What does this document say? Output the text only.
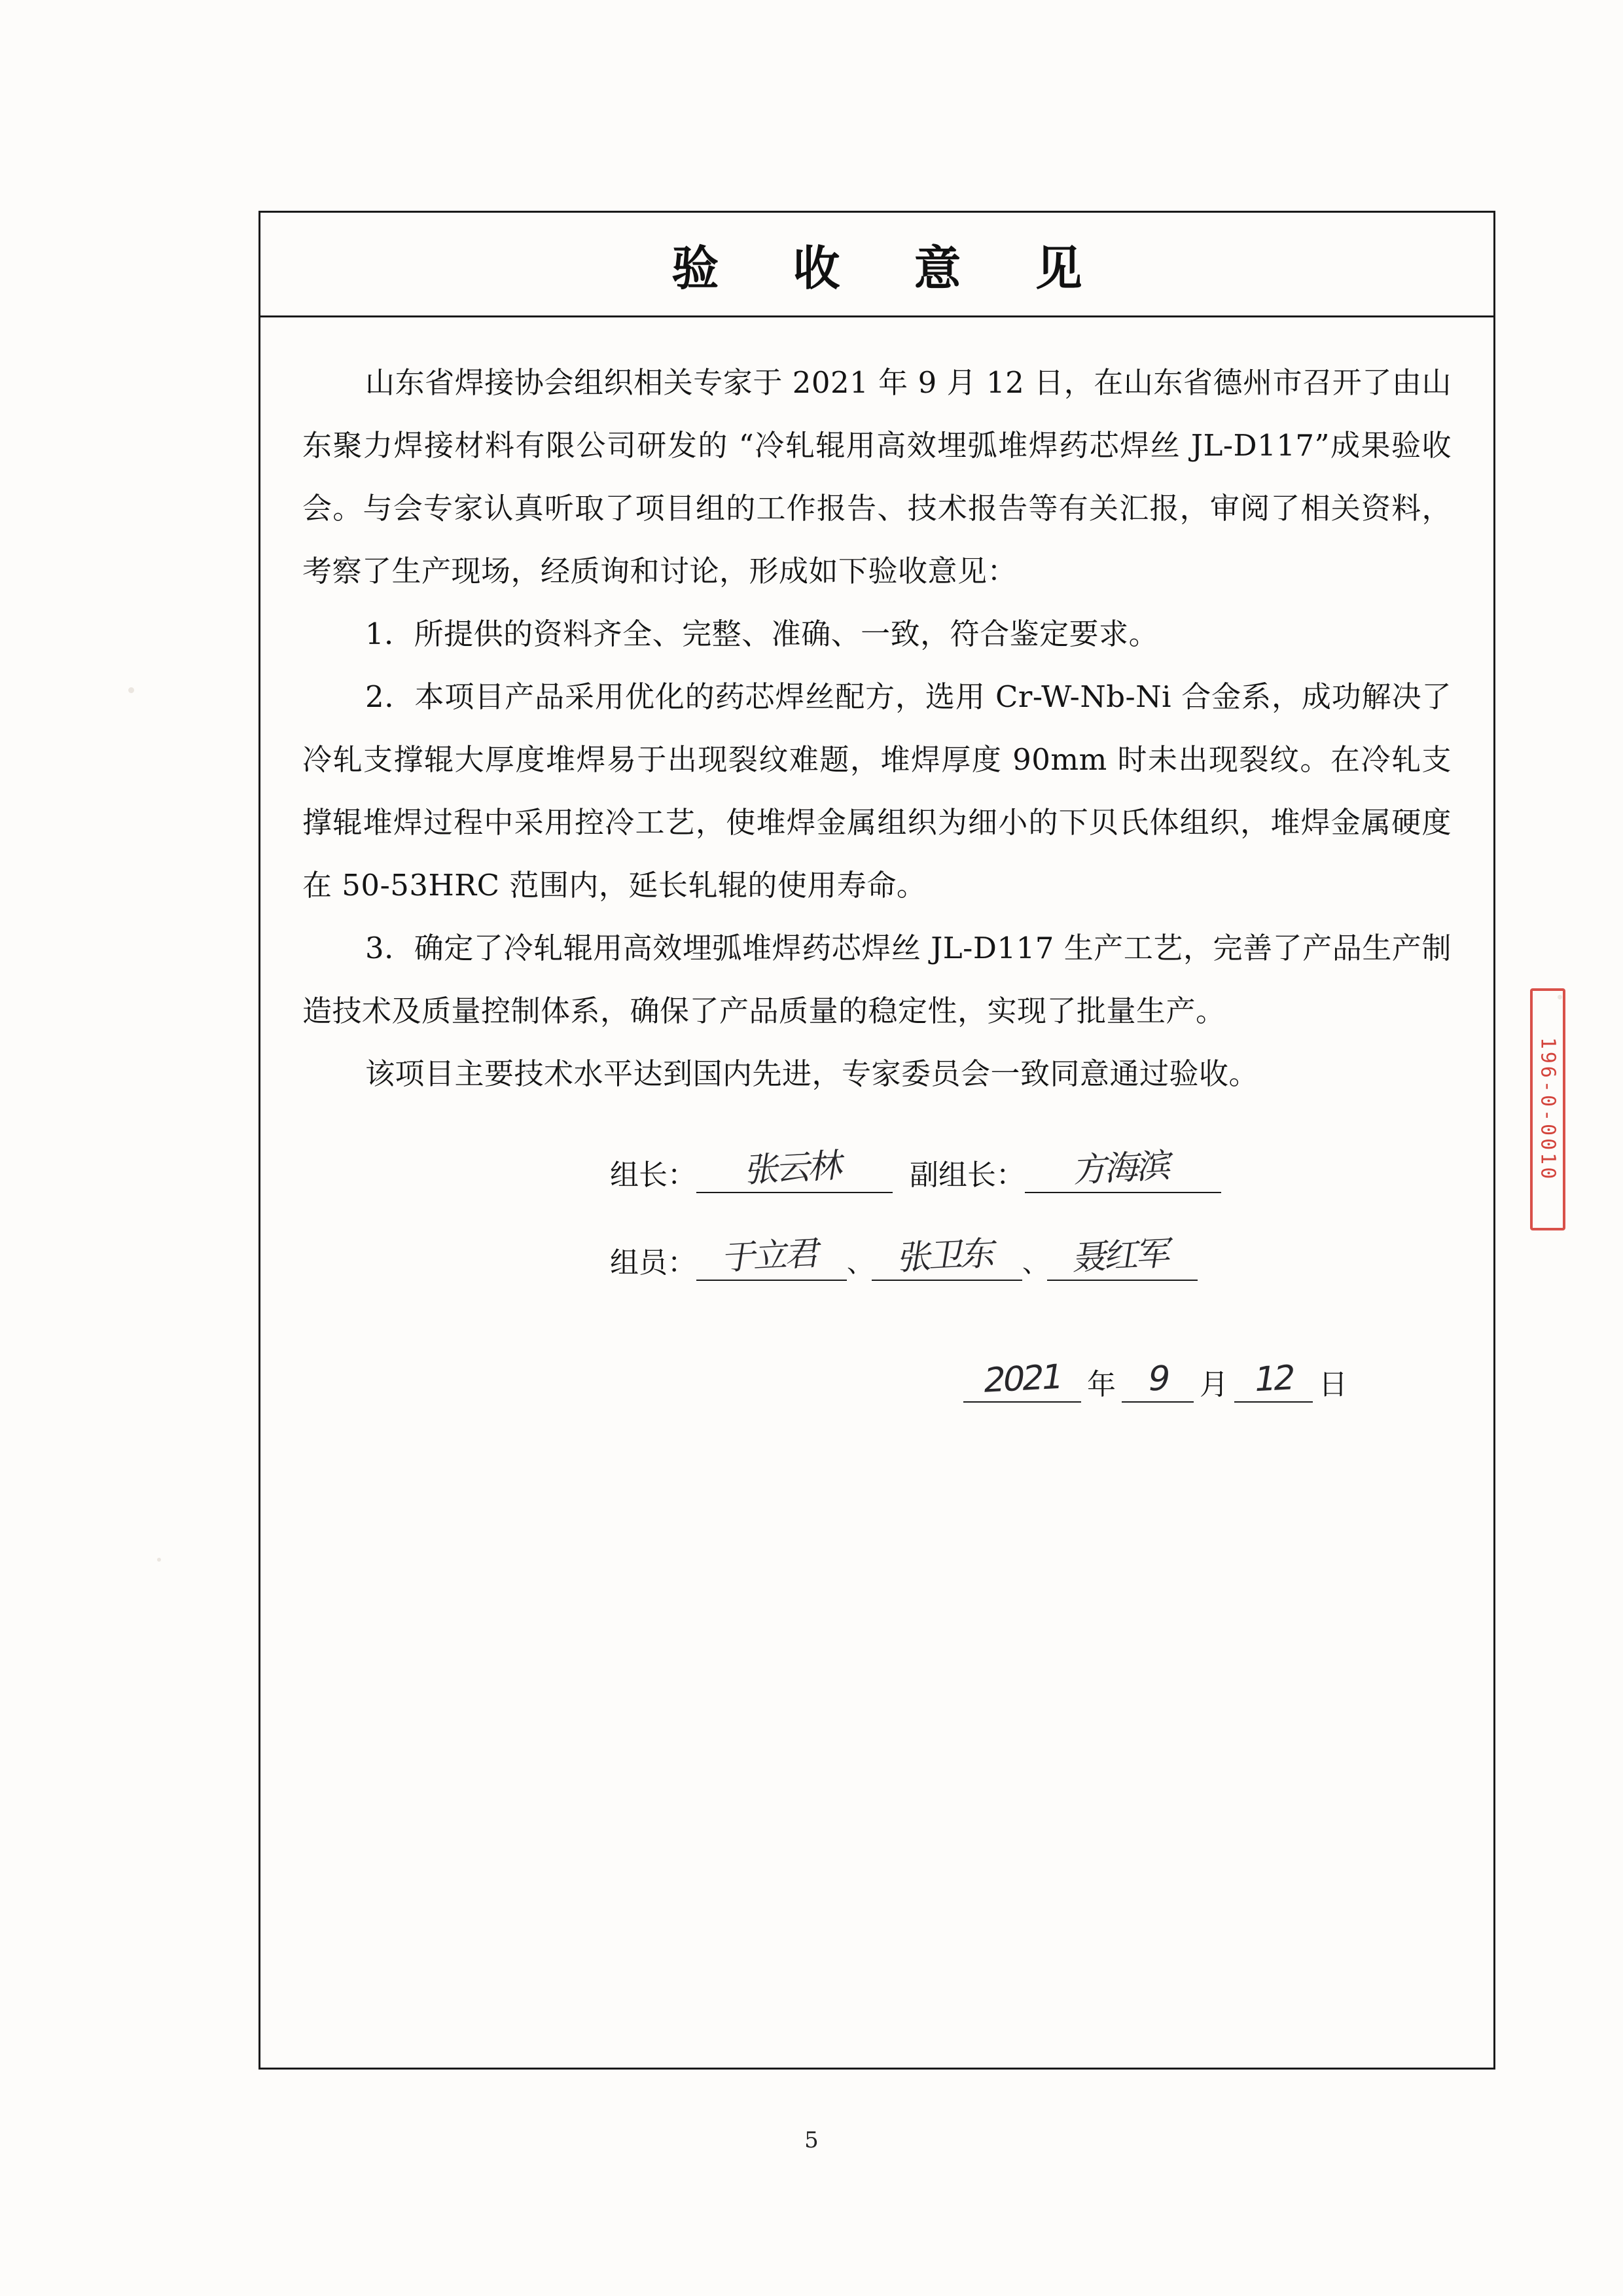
验 收 意 见

山东省焊接协会组织相关专家于 2021 年 9 月 12 日，在山东省德州市召开了由山东聚力焊接材料有限公司研发的 “冷轧辊用高效埋弧堆焊药芯焊丝 JL-D117”成果验收会。与会专家认真听取了项目组的工作报告、技术报告等有关汇报，审阅了相关资料，考察了生产现场，经质询和讨论，形成如下验收意见：

1．所提供的资料齐全、完整、准确、一致，符合鉴定要求。

2．本项目产品采用优化的药芯焊丝配方，选用 Cr-W-Nb-Ni 合金系，成功解决了冷轧支撑辊大厚度堆焊易于出现裂纹难题，堆焊厚度 90mm 时未出现裂纹。在冷轧支撑辊堆焊过程中采用控冷工艺，使堆焊金属组织为细小的下贝氏体组织，堆焊金属硬度在 50-53HRC 范围内，延长轧辊的使用寿命。

3．确定了冷轧辊用高效埋弧堆焊药芯焊丝 JL-D117 生产工艺，完善了产品生产制造技术及质量控制体系，确保了产品质量的稳定性，实现了批量生产。

该项目主要技术水平达到国内先进，专家委员会一致同意通过验收。

组长：	张云林	副组长：	方海滨
组员： 于立君 、 张卫东 、 聂红军
2021 年 9	月 12 日
196-0-0010
5
